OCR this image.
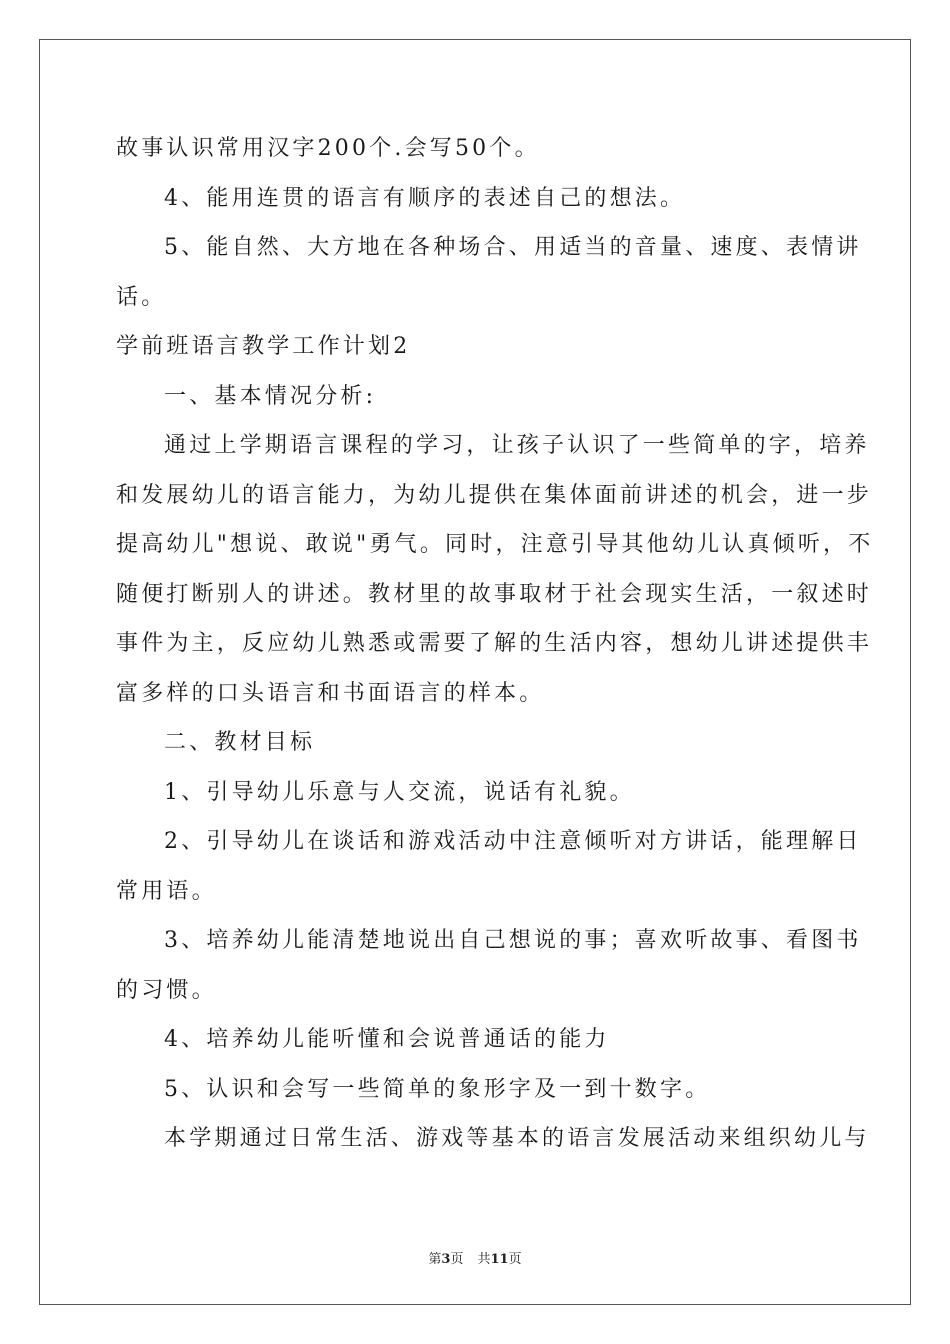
故事认识常用汉字200个.会写50个。
4、能用连贯的语言有顺序的表述自己的想法。
5、能自然、大方地在各种场合、用适当的音量、速度、表情讲
话。
学前班语言教学工作计划2
一、基本情况分析:
通过上学期语言课程的学习，让孩子认识了一些简单的字，培养
和发展幼儿的语言能力，为幼儿提供在集体面前讲述的机会，进一步
提高幼儿"想说、敢说"勇气。同时，注意引导其他幼儿认真倾听，不
随便打断别人的讲述。教材里的故事取材于社会现实生活，一叙述时
事件为主，反应幼儿熟悉或需要了解的生活内容，想幼儿讲述提供丰
富多样的口头语言和书面语言的样本。
二、教材目标
1、引导幼儿乐意与人交流，说话有礼貌。
2、引导幼儿在谈话和游戏活动中注意倾听对方讲话，能理解日
常用语。
3、培养幼儿能清楚地说出自己想说的事；喜欢听故事、看图书
的习惯。
4、培养幼儿能听懂和会说普通话的能力
5、认识和会写一些简单的象形字及一到十数字。
本学期通过日常生活、游戏等基本的语言发展活动来组织幼儿与
第3页 共11页
